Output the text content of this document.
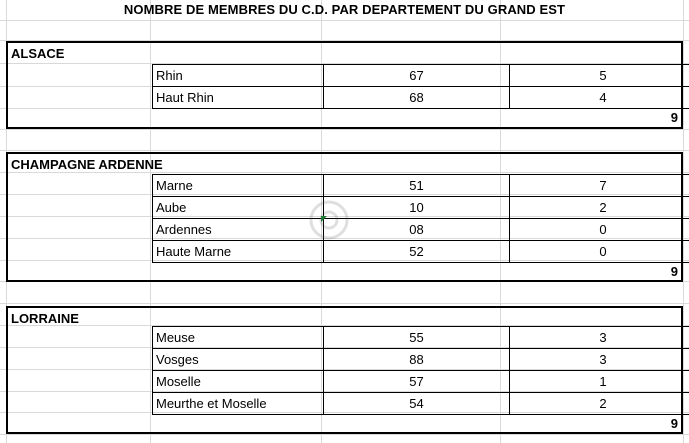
NOMBRE DE MEMBRES DU C.D. PAR DEPARTEMENT DU GRAND EST
ALSACE
Rhin	67	5
Haut Rhin	68	4
9
CHAMPAGNE ARDENNE
Marne	51	7
Aube	10	2
Ardennes	08	0
Haute Marne	52	0
9
LORRAINE
Meuse	55	3
Vosges	88	3
Moselle	57	1
Meurthe et Moselle	54	2
9
